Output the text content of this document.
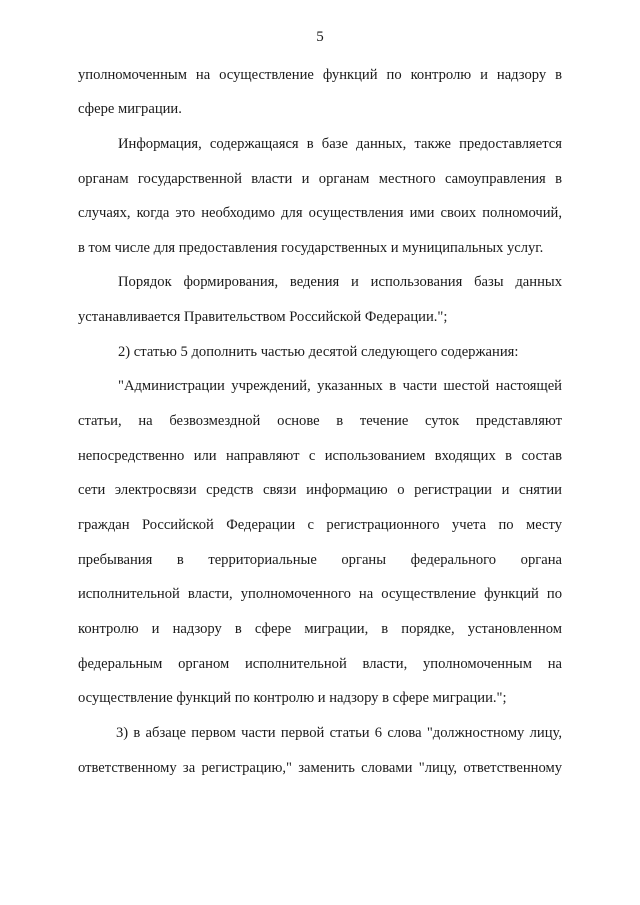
5
уполномоченным на осуществление функций по контролю и надзору в
сфере миграции.
Информация, содержащаяся в базе данных, также предоставляется
органам государственной власти и органам местного самоуправления в
случаях, когда это необходимо для осуществления ими своих полномочий,
в том числе для предоставления государственных и муниципальных услуг.
Порядок формирования, ведения и использования базы данных
устанавливается Правительством Российской Федерации.";
2) статью 5 дополнить частью десятой следующего содержания:
"Администрации учреждений, указанных в части шестой настоящей
статьи, на безвозмездной основе в течение суток представляют
непосредственно или направляют с использованием входящих в состав
сети электросвязи средств связи информацию о регистрации и снятии
граждан Российской Федерации с регистрационного учета по месту
пребывания в территориальные органы федерального органа
исполнительной власти, уполномоченного на осуществление функций по
контролю и надзору в сфере миграции, в порядке, установленном
федеральным органом исполнительной власти, уполномоченным на
осуществление функций по контролю и надзору в сфере миграции.";
3) в абзаце первом части первой статьи 6 слова "должностному лицу,
ответственному за регистрацию," заменить словами "лицу, ответственному
